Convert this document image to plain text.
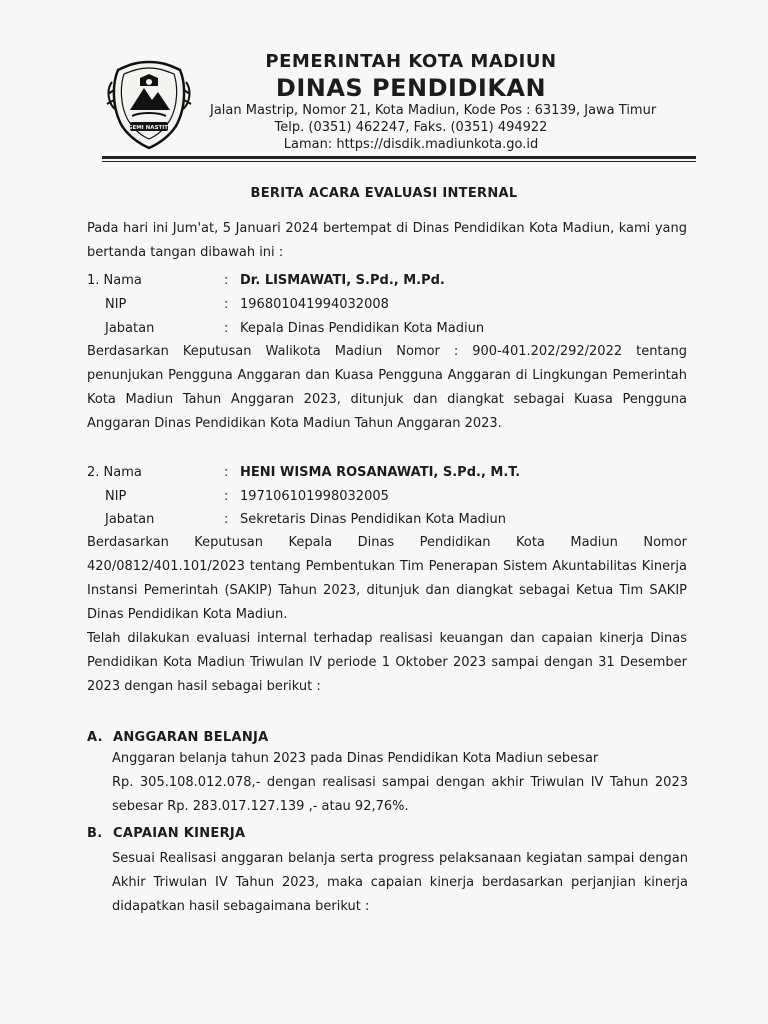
GEMI NASTITI
PEMERINTAH KOTA MADIUN
DINAS PENDIDIKAN
Jalan Mastrip, Nomor 21, Kota Madiun, Kode Pos : 63139, Jawa Timur
Telp. (0351) 462247, Faks. (0351) 494922
Laman: https://disdik.madiunkota.go.id
BERITA ACARA EVALUASI INTERNAL
Pada hari ini Jum'at, 5 Januari 2024 bertempat di Dinas Pendidikan Kota Madiun, kami yang
bertanda tangan dibawah ini :
1. Nama	: Dr. LISMAWATI, S.Pd., M.Pd.
NIP	: 196801041994032008
Jabatan	: Kepala Dinas Pendidikan Kota Madiun
Berdasarkan Keputusan Walikota Madiun Nomor : 900-401.202/292/2022 tentang
penunjukan Pengguna Anggaran dan Kuasa Pengguna Anggaran di Lingkungan Pemerintah
Kota Madiun Tahun Anggaran 2023, ditunjuk dan diangkat sebagai Kuasa Pengguna
Anggaran Dinas Pendidikan Kota Madiun Tahun Anggaran 2023.
2. Nama	: HENI WISMA ROSANAWATI, S.Pd., M.T.
NIP	: 197106101998032005
Jabatan	: Sekretaris Dinas Pendidikan Kota Madiun
Berdasarkan Keputusan Kepala Dinas Pendidikan Kota Madiun Nomor
420/0812/401.101/2023 tentang Pembentukan Tim Penerapan Sistem Akuntabilitas Kinerja
Instansi Pemerintah (SAKIP) Tahun 2023, ditunjuk dan diangkat sebagai Ketua Tim SAKIP
Dinas Pendidikan Kota Madiun.
Telah dilakukan evaluasi internal terhadap realisasi keuangan dan capaian kinerja Dinas
Pendidikan Kota Madiun Triwulan IV periode 1 Oktober 2023 sampai dengan 31 Desember
2023 dengan hasil sebagai berikut :
A. ANGGARAN BELANJA
Anggaran belanja tahun 2023 pada Dinas Pendidikan Kota Madiun sebesar
Rp. 305.108.012.078,- dengan realisasi sampai dengan akhir Triwulan IV Tahun 2023
sebesar Rp. 283.017.127.139 ,- atau 92,76%.
B. CAPAIAN KINERJA
Sesuai Realisasi anggaran belanja serta progress pelaksanaan kegiatan sampai dengan
Akhir Triwulan IV Tahun 2023, maka capaian kinerja berdasarkan perjanjian kinerja
didapatkan hasil sebagaimana berikut :
